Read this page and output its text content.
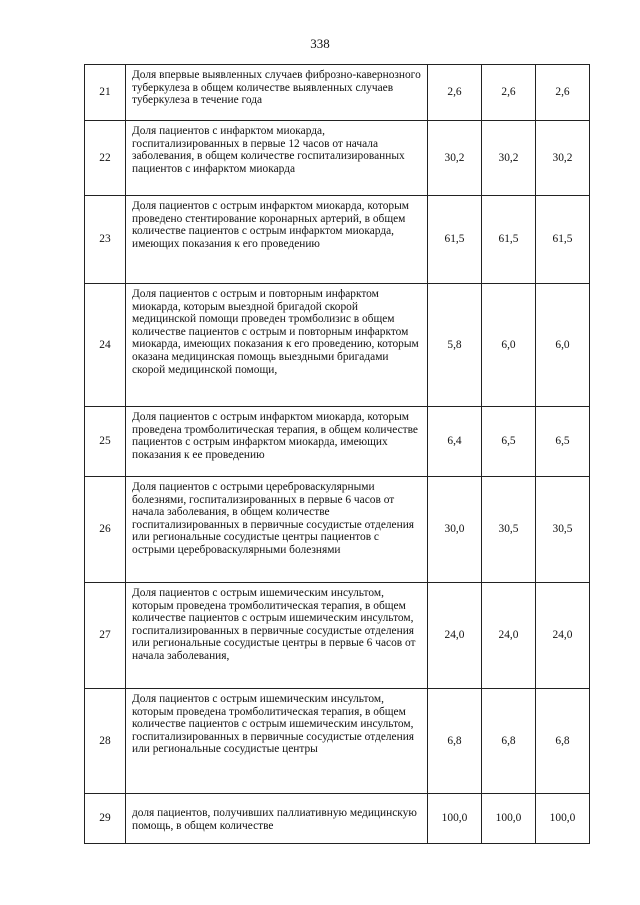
338
21	Доля впервые выявленных случаев фиброзно-кавернозного туберкулеза в общем количестве выявленных случаев туберкулеза в течение года	2,6	2,6	2,6
22	Доля пациентов с инфарктом миокарда, госпитализированных в первые 12 часов от начала заболевания, в общем количестве госпитализированных пациентов с инфарктом миокарда	30,2	30,2	30,2
23	Доля пациентов с острым инфарктом миокарда, которым проведено стентирование коронарных артерий, в общем количестве пациентов с острым инфарктом миокарда, имеющих показания к его проведению	61,5	61,5	61,5
24	Доля пациентов с острым и повторным инфарктом миокарда, которым выездной бригадой скорой медицинской помощи проведен тромболизис в общем количестве пациентов с острым и повторным инфарктом миокарда, имеющих показания к его проведению, которым оказана медицинская помощь выездными бригадами скорой медицинской помощи,	5,8	6,0	6,0
25	Доля пациентов с острым инфарктом миокарда, которым проведена тромболитическая терапия, в общем количестве пациентов с острым инфарктом миокарда, имеющих показания к ее проведению	6,4	6,5	6,5
26	Доля пациентов с острыми цереброваскулярными болезнями, госпитализированных в первые 6 часов от начала заболевания, в общем количестве госпитализированных в первичные сосудистые отделения или региональные сосудистые центры пациентов с острыми цереброваскулярными болезнями	30,0	30,5	30,5
27	Доля пациентов с острым ишемическим инсультом, которым проведена тромболитическая терапия, в общем количестве пациентов с острым ишемическим инсультом, госпитализированных в первичные сосудистые отделения или региональные сосудистые центры в первые 6 часов от начала заболевания,	24,0	24,0	24,0
28	Доля пациентов с острым ишемическим инсультом, которым проведена тромболитическая терапия, в общем количестве пациентов с острым ишемическим инсультом, госпитализированных в первичные сосудистые отделения или региональные сосудистые центры	6,8	6,8	6,8
29	доля пациентов, получивших паллиативную медицинскую помощь, в общем количестве	100,0	100,0	100,0
